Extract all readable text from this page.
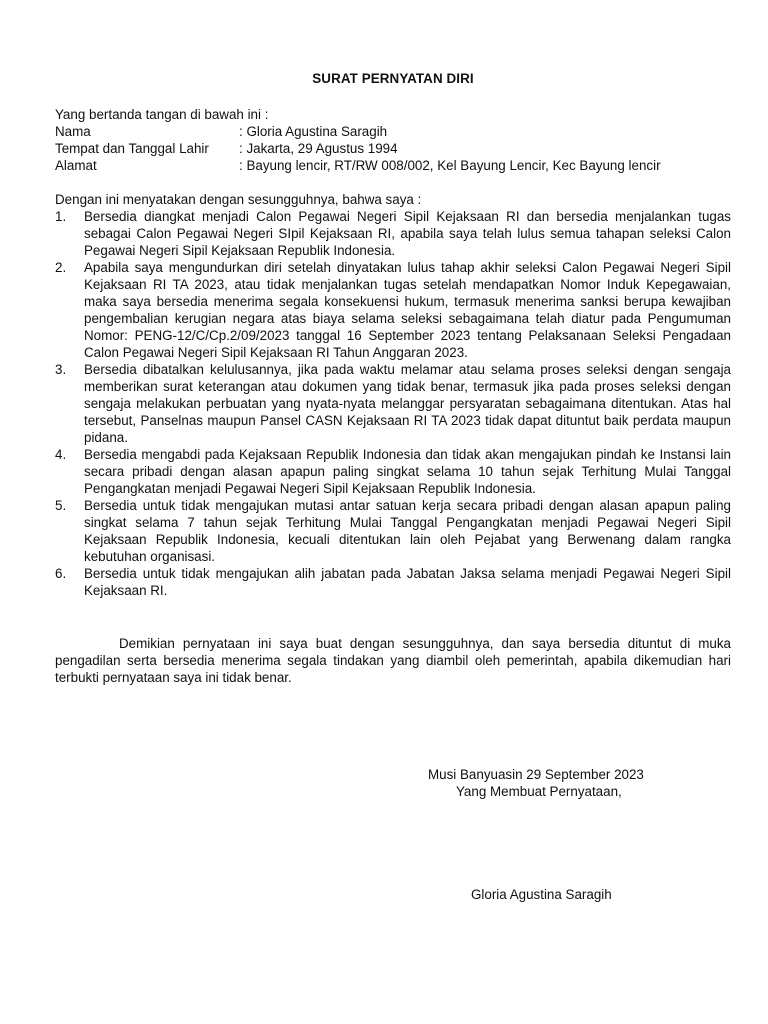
SURAT PERNYATAN DIRI

Yang bertanda tangan di bawah ini :

Nama	: Gloria Agustina Saragih
Tempat dan Tanggal Lahir	: Jakarta, 29 Agustus 1994
Alamat	: Bayung lencir, RT/RW 008/002, Kel Bayung Lencir, Kec Bayung lencir

Dengan ini menyatakan dengan sesungguhnya, bahwa saya :

1.	Bersedia diangkat menjadi Calon Pegawai Negeri Sipil Kejaksaan RI dan bersedia menjalankan tugas sebagai Calon Pegawai Negeri SIpil Kejaksaan RI, apabila saya telah lulus semua tahapan seleksi Calon Pegawai Negeri Sipil Kejaksaan Republik Indonesia.
2.	Apabila saya mengundurkan diri setelah dinyatakan lulus tahap akhir seleksi Calon Pegawai Negeri Sipil Kejaksaan RI TA 2023, atau tidak menjalankan tugas setelah mendapatkan Nomor Induk Kepegawaian, maka saya bersedia menerima segala konsekuensi hukum, termasuk menerima sanksi berupa kewajiban pengembalian kerugian negara atas biaya selama seleksi sebagaimana telah diatur pada Pengumuman Nomor: PENG-12/C/Cp.2/09/2023 tanggal 16 September 2023 tentang Pelaksanaan Seleksi Pengadaan Calon Pegawai Negeri Sipil Kejaksaan RI Tahun Anggaran 2023.
3.	Bersedia dibatalkan kelulusannya, jika pada waktu melamar atau selama proses seleksi dengan sengaja memberikan surat keterangan atau dokumen yang tidak benar, termasuk jika pada proses seleksi dengan sengaja melakukan perbuatan yang nyata-nyata melanggar persyaratan sebagaimana ditentukan. Atas hal tersebut, Panselnas maupun Pansel CASN Kejaksaan RI TA 2023 tidak dapat dituntut baik perdata maupun pidana.
4.	Bersedia mengabdi pada Kejaksaan Republik Indonesia dan tidak akan mengajukan pindah ke Instansi lain secara pribadi dengan alasan apapun paling singkat selama 10 tahun sejak Terhitung Mulai Tanggal Pengangkatan menjadi Pegawai Negeri Sipil Kejaksaan Republik Indonesia.
5.	Bersedia untuk tidak mengajukan mutasi antar satuan kerja secara pribadi dengan alasan apapun paling singkat selama 7 tahun sejak Terhitung Mulai Tanggal Pengangkatan menjadi Pegawai Negeri Sipil Kejaksaan Republik Indonesia, kecuali ditentukan lain oleh Pejabat yang Berwenang dalam rangka kebutuhan organisasi.
6.	Bersedia untuk tidak mengajukan alih jabatan pada Jabatan Jaksa selama menjadi Pegawai Negeri Sipil Kejaksaan RI.

Demikian pernyataan ini saya buat dengan sesungguhnya, dan saya bersedia dituntut di muka pengadilan serta bersedia menerima segala tindakan yang diambil oleh pemerintah, apabila dikemudian hari terbukti pernyataan saya ini tidak benar.

Musi Banyuasin 29 September 2023

Yang Membuat Pernyataan,

Gloria Agustina Saragih
